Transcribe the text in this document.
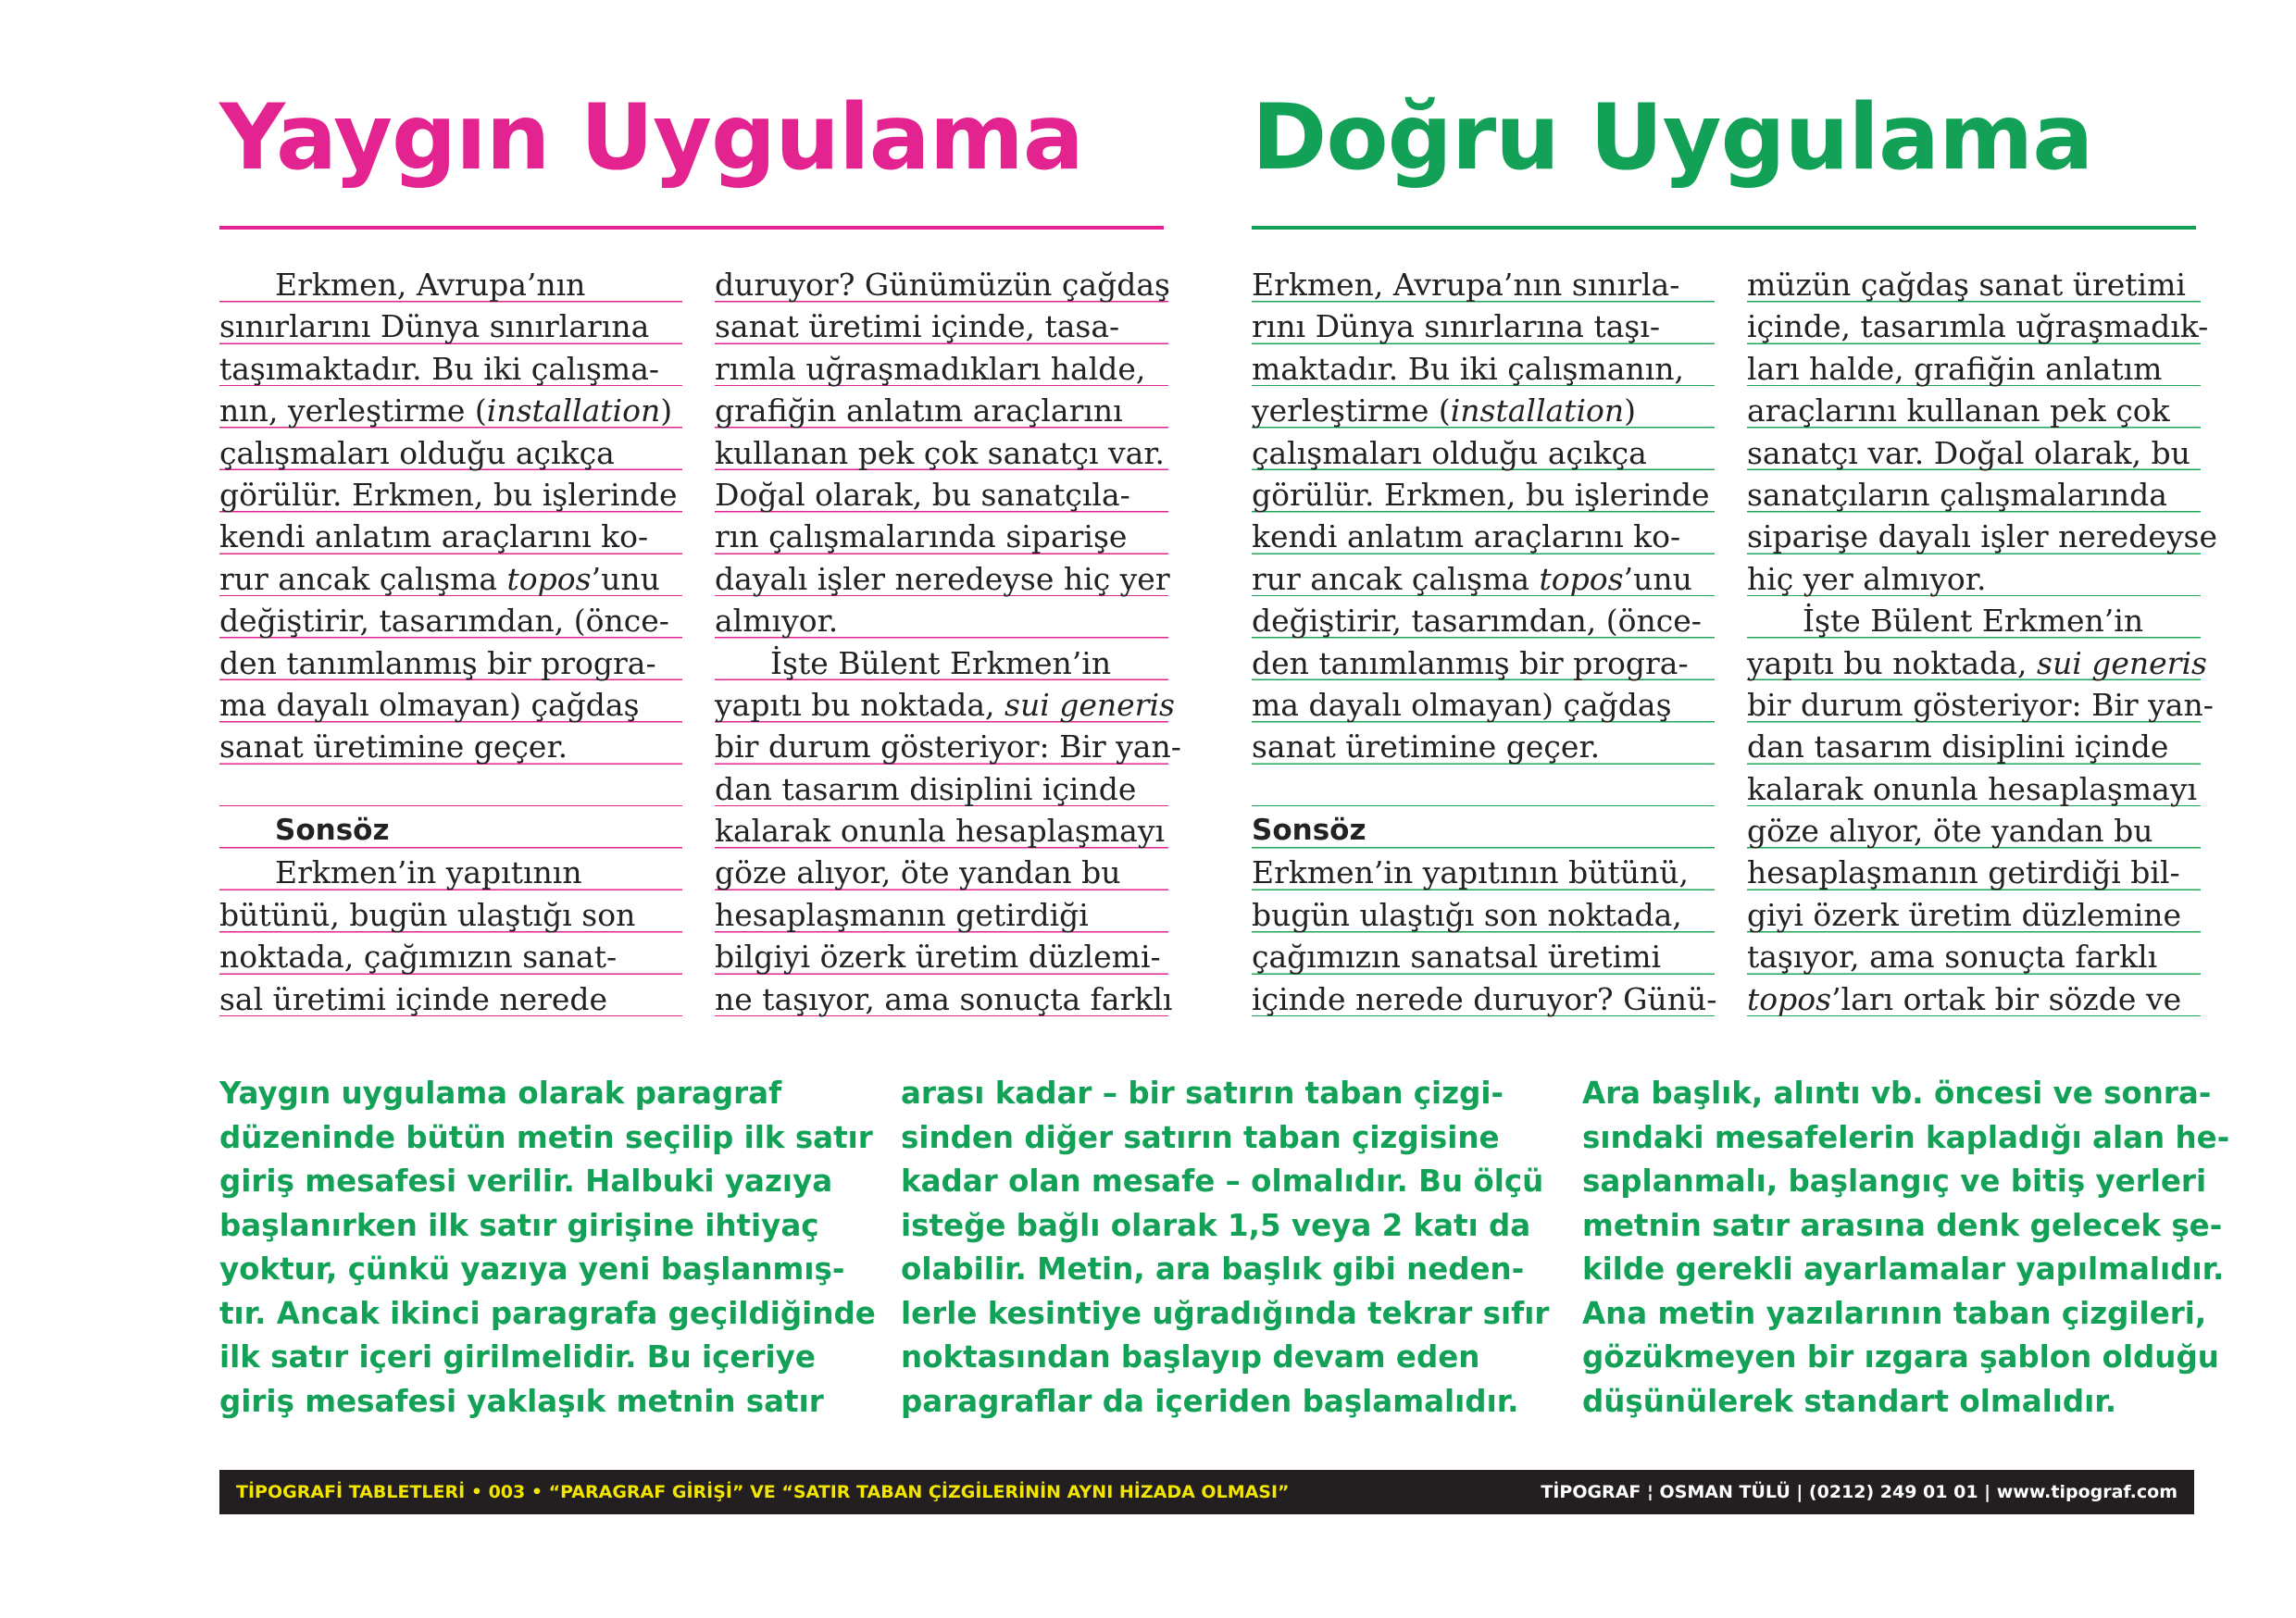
Yaygın Uygulama Doğru Uygulama
Erkmen, Avrupa’nın
sınırlarını Dünya sınırlarına
taşımaktadır. Bu iki çalışma-
nın, yerleştirme (installation)
çalışmaları olduğu açıkça
görülür. Erkmen, bu işlerinde
kendi anlatım araçlarını ko-
rur ancak çalışma topos’unu
değiştirir, tasarımdan, (önce-
den tanımlanmış bir progra-
ma dayalı olmayan) çağdaş
sanat üretimine geçer.
Sonsöz
Erkmen’in yapıtının
bütünü, bugün ulaştığı son
noktada, çağımızın sanat-
sal üretimi içinde nerede
duruyor? Günümüzün çağdaş
sanat üretimi içinde, tasa-
rımla uğraşmadıkları halde,
grafiğin anlatım araçlarını
kullanan pek çok sanatçı var.
Doğal olarak, bu sanatçıla-
rın çalışmalarında siparişe
dayalı işler neredeyse hiç yer
almıyor.
İşte Bülent Erkmen’in
yapıtı bu noktada, sui generis
bir durum gösteriyor: Bir yan-
dan tasarım disiplini içinde
kalarak onunla hesaplaşmayı
göze alıyor, öte yandan bu
hesaplaşmanın getirdiği
bilgiyi özerk üretim düzlemi-
ne taşıyor, ama sonuçta farklı
Erkmen, Avrupa’nın sınırla-
rını Dünya sınırlarına taşı-
maktadır. Bu iki çalışmanın,
yerleştirme (installation)
çalışmaları olduğu açıkça
görülür. Erkmen, bu işlerinde
kendi anlatım araçlarını ko-
rur ancak çalışma topos’unu
değiştirir, tasarımdan, (önce-
den tanımlanmış bir progra-
ma dayalı olmayan) çağdaş
sanat üretimine geçer.
Sonsöz
Erkmen’in yapıtının bütünü,
bugün ulaştığı son noktada,
çağımızın sanatsal üretimi
içinde nerede duruyor? Günü-
müzün çağdaş sanat üretimi
içinde, tasarımla uğraşmadık-
ları halde, grafiğin anlatım
araçlarını kullanan pek çok
sanatçı var. Doğal olarak, bu
sanatçıların çalışmalarında
siparişe dayalı işler neredeyse
hiç yer almıyor.
İşte Bülent Erkmen’in
yapıtı bu noktada, sui generis
bir durum gösteriyor: Bir yan-
dan tasarım disiplini içinde
kalarak onunla hesaplaşmayı
göze alıyor, öte yandan bu
hesaplaşmanın getirdiği bil-
giyi özerk üretim düzlemine
taşıyor, ama sonuçta farklı
topos’ları ortak bir sözde ve
Yaygın uygulama olarak paragraf
düzeninde bütün metin seçilip ilk satır
giriş mesafesi verilir. Halbuki yazıya
başlanırken ilk satır girişine ihtiyaç
yoktur, çünkü yazıya yeni başlanmış-
tır. Ancak ikinci paragrafa geçildiğinde
ilk satır içeri girilmelidir. Bu içeriye
giriş mesafesi yaklaşık metnin satır
arası kadar – bir satırın taban çizgi-
sinden diğer satırın taban çizgisine
kadar olan mesafe – olmalıdır. Bu ölçü
isteğe bağlı olarak 1,5 veya 2 katı da
olabilir. Metin, ara başlık gibi neden-
lerle kesintiye uğradığında tekrar sıfır
noktasından başlayıp devam eden
paragraflar da içeriden başlamalıdır.
Ara başlık, alıntı vb. öncesi ve sonra-
sındaki mesafelerin kapladığı alan he-
saplanmalı, başlangıç ve bitiş yerleri
metnin satır arasına denk gelecek şe-
kilde gerekli ayarlamalar yapılmalıdır.
Ana metin yazılarının taban çizgileri,
gözükmeyen bir ızgara şablon olduğu
düşünülerek standart olmalıdır.
TİPOGRAFİ TABLETLERİ • 003 • “PARAGRAF GİRİŞİ” VE “SATIR TABAN ÇİZGİLERİNİN AYNI HİZADA OLMASI”	TİPOGRAF ¦ OSMAN TÜLÜ | (0212) 249 01 01 | www.tipograf.com
